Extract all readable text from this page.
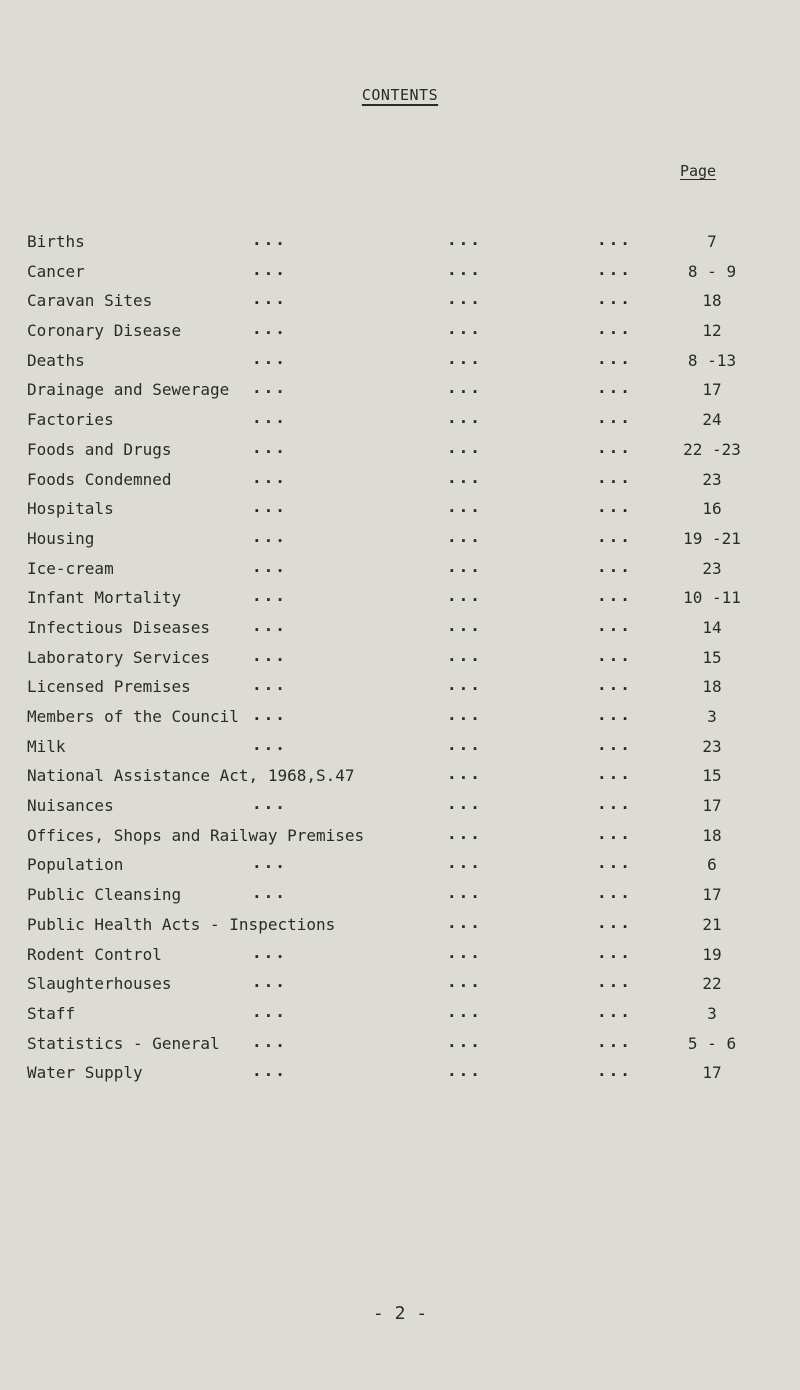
CONTENTS
Page
Births	...	...	...	7
Cancer	...	...	...	8 - 9
Caravan Sites	...	...	...	18
Coronary Disease	...	...	...	12
Deaths	...	...	...	8 -13
Drainage and Sewerage ...	...	...	17
Factories	...	...	...	24
Foods and Drugs	...	...	...	22 -23
Foods Condemned	...	...	...	23
Hospitals	...	...	...	16
Housing	...	...	...	19 -21
Ice-cream	...	...	...	23
Infant Mortality	...	...	...	10 -11
Infectious Diseases	...	...	...	14
Laboratory Services	...	...	...	15
Licensed Premises	...	...	...	18
Members of the Council ...	...	...	3
Milk	...	...	...	23
National Assistance Act, 1968,S.47	...	...	15
Nuisances	...	...	...	17
Offices, Shops and Railway Premises	...	...	18
Population	...	...	...	6
Public Cleansing	...	...	...	17
Public Health Acts - Inspections	...	...	21
Rodent Control	...	...	...	19
Slaughterhouses	...	...	...	22
Staff	...	...	...	3
Statistics - General ...	...	...	5 - 6
Water Supply	...	...	...	17
- 2 -
